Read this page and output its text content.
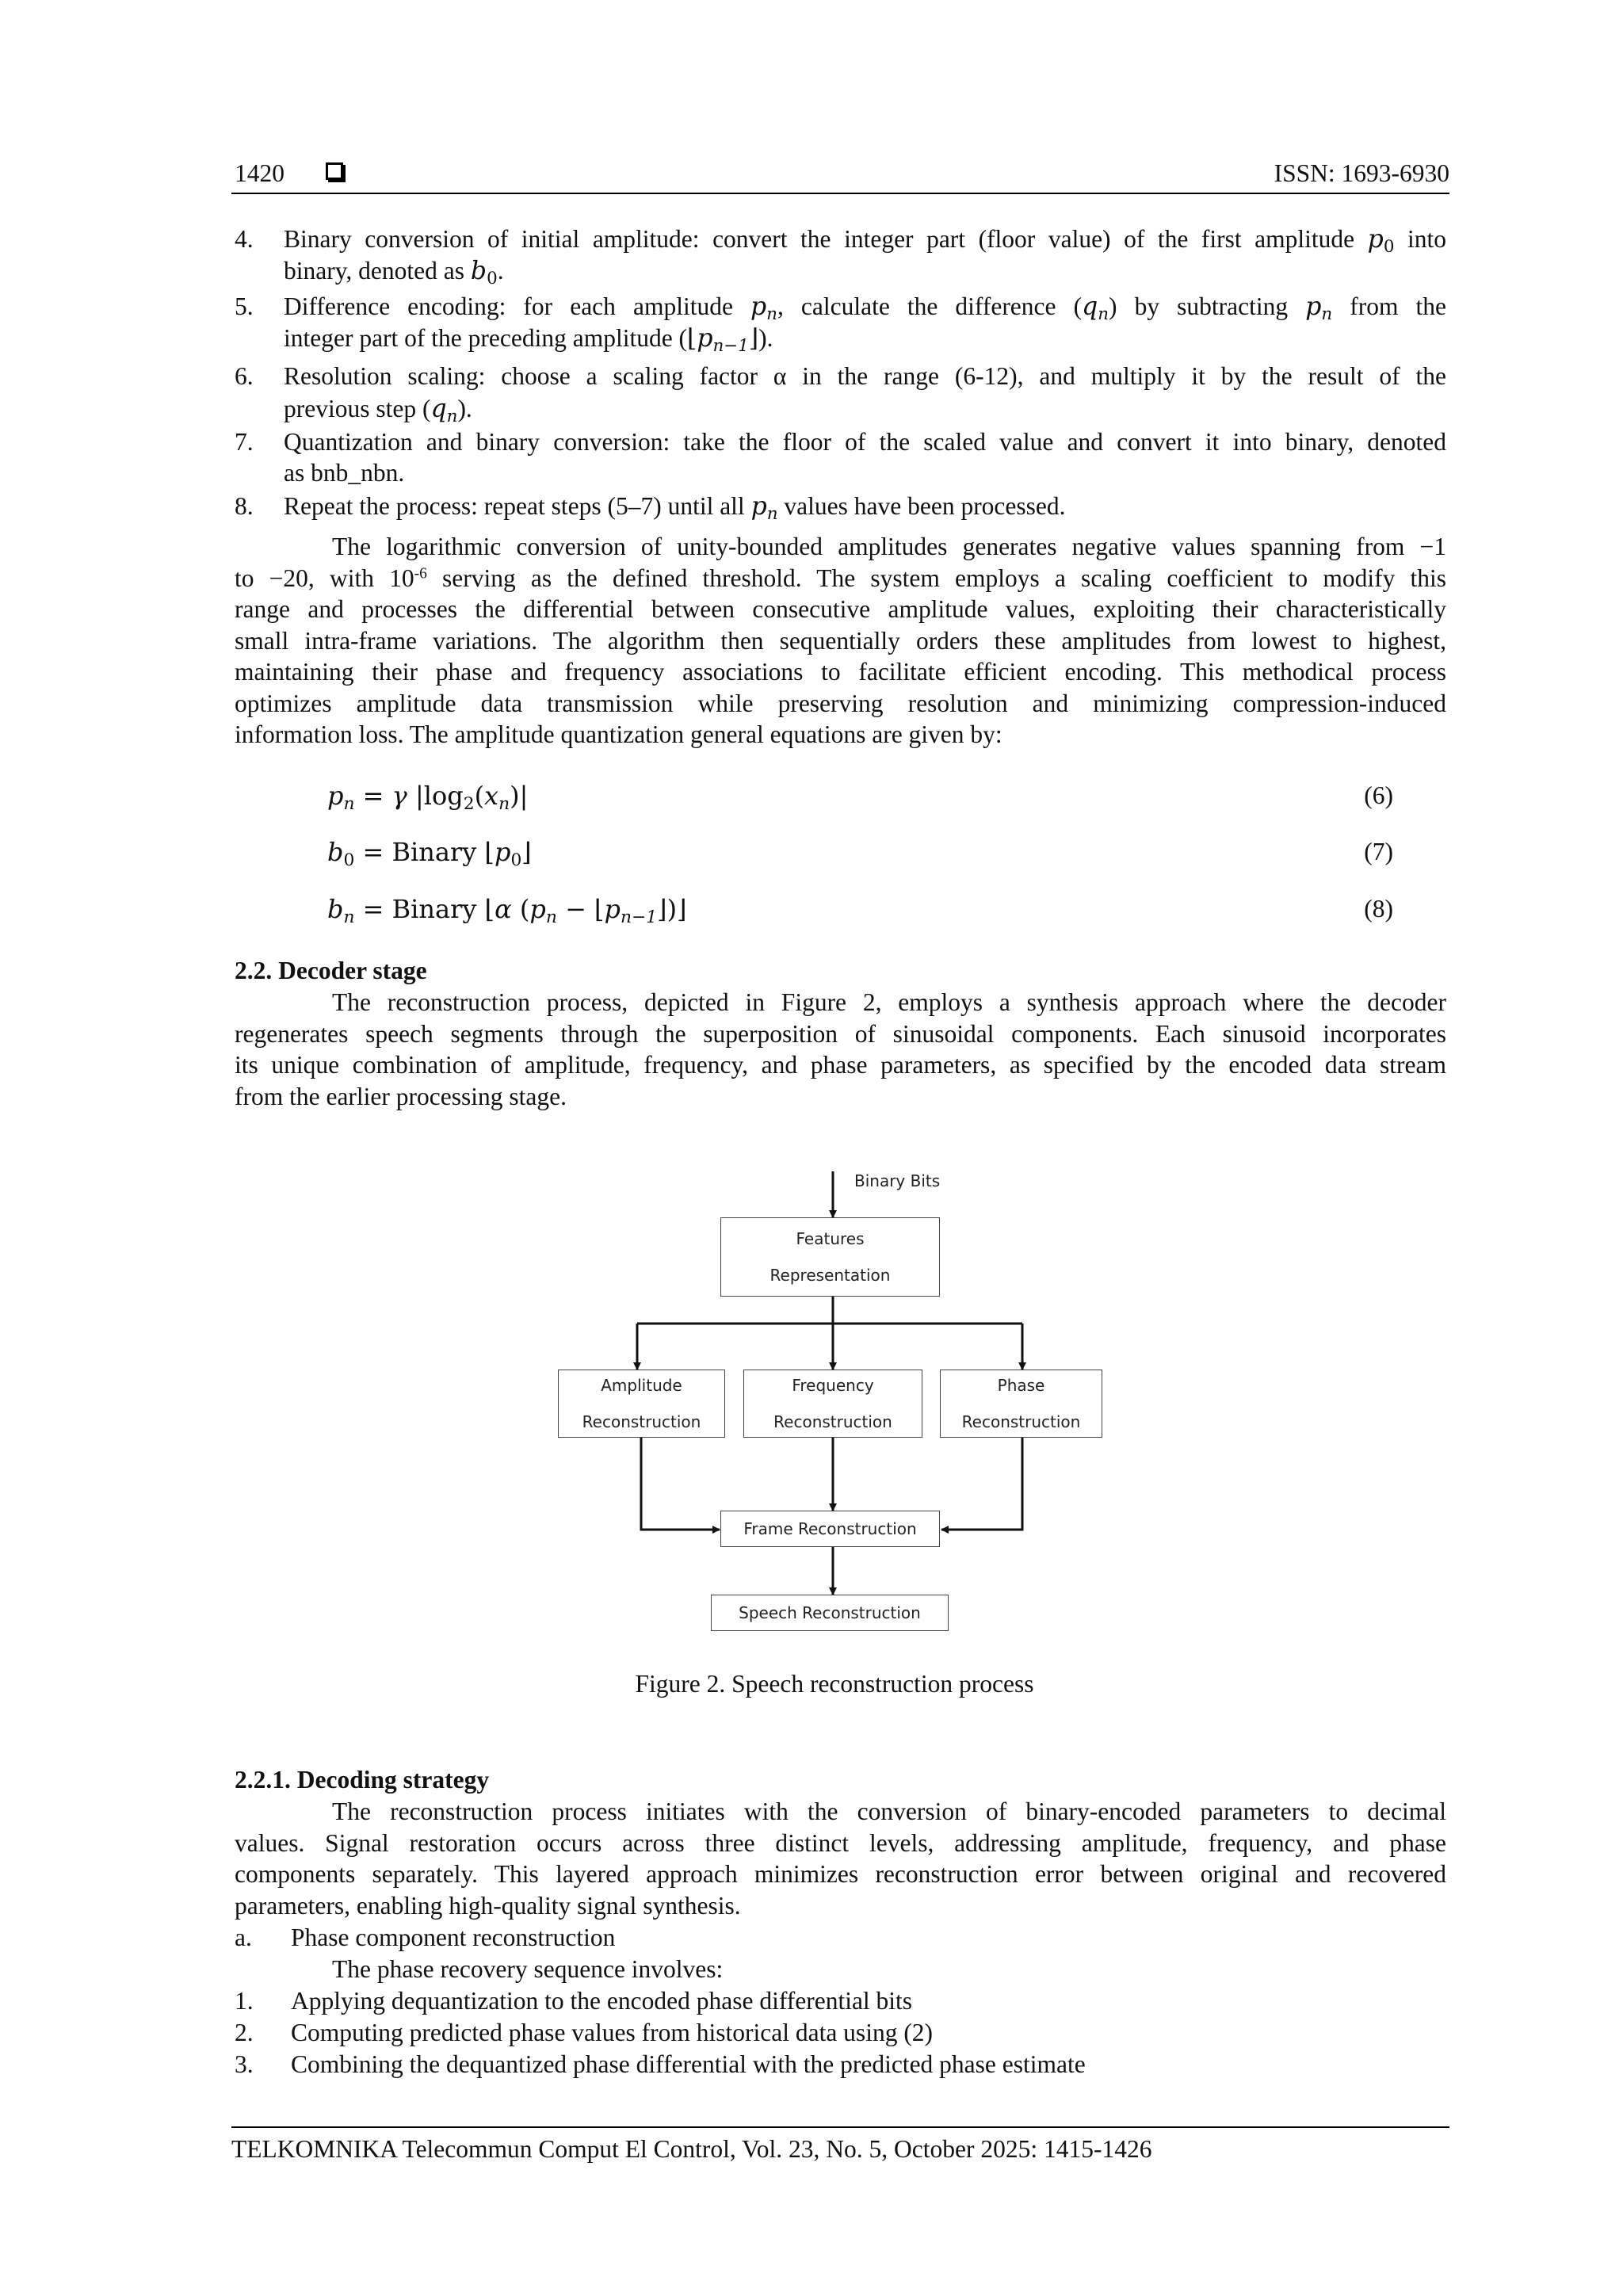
1420	ISSN: 1693-6930
4. Binary conversion of initial amplitude: convert the integer part (floor value) of the first amplitude $p_0$ into
binary, denoted as $b_0$.
5. Difference encoding: for each amplitude $p_n$, calculate the difference $(q_n)$ by subtracting $p_n$ from the
integer part of the preceding amplitude $(⌊p_{n-1}⌋)$.
6. Resolution scaling: choose a scaling factor α in the range (6-12), and multiply it by the result of the
previous step $(q_n)$.
7. Quantization and binary conversion: take the floor of the scaled value and convert it into binary, denoted
as bnb_nbn.
8. Repeat the process: repeat steps (5–7) until all $p_n$ values have been processed.
The logarithmic conversion of unity-bounded amplitudes generates negative values spanning from −1
to −20, with $10^{-6}$ serving as the defined threshold. The system employs a scaling coefficient to modify this
range and processes the differential between consecutive amplitude values, exploiting their characteristically
small intra-frame variations. The algorithm then sequentially orders these amplitudes from lowest to highest,
maintaining their phase and frequency associations to facilitate efficient encoding. This methodical process
optimizes amplitude data transmission while preserving resolution and minimizing compression-induced
information loss. The amplitude quantization general equations are given by:
$p_n = \gamma$ $|\log_2(x_n)|$	(6)
$b_0$ = Binary $⌊p_0⌋$	(7)
$b_n$ = Binary ⌊α ($p_n$ − $⌊p_{n-1}⌋)⌋$	(8)
2.2. Decoder stage
The reconstruction process, depicted in Figure 2, employs a synthesis approach where the decoder
regenerates speech segments through the superposition of sinusoidal components. Each sinusoid incorporates
its unique combination of amplitude, frequency, and phase parameters, as specified by the encoded data stream
from the earlier processing stage.
Binary Bits
Features
Representation
Amplitude
Reconstruction
Frequency
Reconstruction
Phase
Reconstruction
Frame Reconstruction
Speech Reconstruction
Figure 2. Speech reconstruction process
2.2.1. Decoding strategy
The reconstruction process initiates with the conversion of binary-encoded parameters to decimal
values. Signal restoration occurs across three distinct levels, addressing amplitude, frequency, and phase
components separately. This layered approach minimizes reconstruction error between original and recovered
parameters, enabling high-quality signal synthesis.
a. Phase component reconstruction
The phase recovery sequence involves:
1. Applying dequantization to the encoded phase differential bits
2. Computing predicted phase values from historical data using (2)
3. Combining the dequantized phase differential with the predicted phase estimate
TELKOMNIKA Telecommun Comput El Control, Vol. 23, No. 5, October 2025: 1415-1426
